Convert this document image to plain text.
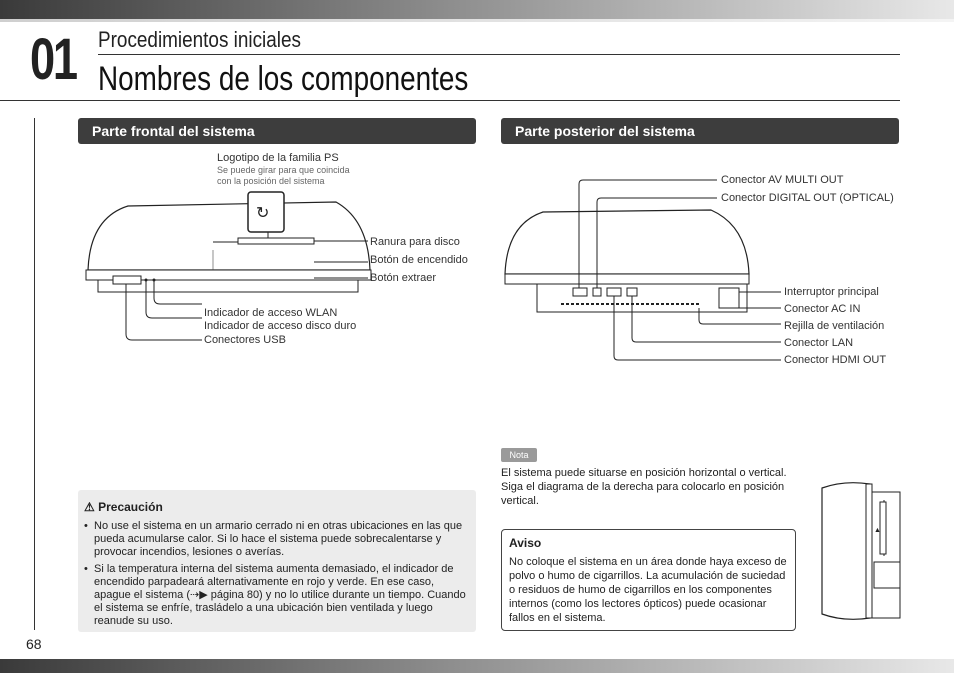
01 Procedimientos iniciales
Nombres de los componentes
Parte frontal del sistema	Parte posterior del sistema
↻
Logotipo de la familia PS
Se puede girar para que coincida
con la posición del sistema
Ranura para disco
Botón de encendido
Botón extraer
Indicador de acceso WLAN
Indicador de acceso disco duro
Conectores USB
Conector AV MULTI OUT
Conector DIGITAL OUT (OPTICAL)
Interruptor principal
Conector AC IN
Rejilla de ventilación
Conector LAN
Conector HDMI OUT
⚠ Precaución
• No use el sistema en un armario cerrado ni en otras ubicaciones en las que pueda acumularse calor. Si lo hace el sistema puede sobrecalentarse y provocar incendios, lesiones o averías.
• Si la temperatura interna del sistema aumenta demasiado, el indicador de encendido parpadeará alternativamente en rojo y verde. En ese caso, apague el sistema (⇢▶ página 80) y no lo utilice durante un tiempo. Cuando el sistema se enfríe, trasládelo a una ubicación bien ventilada y luego reanude su uso.
Nota
El sistema puede situarse en posición horizontal o vertical. Siga el diagrama de la derecha para colocarlo en posición vertical.
Aviso
No coloque el sistema en un área donde haya exceso de polvo o humo de cigarrillos. La acumulación de suciedad o residuos de humo de cigarrillos en los componentes internos (como los lectores ópticos) puede ocasionar fallos en el sistema.
▲
68
